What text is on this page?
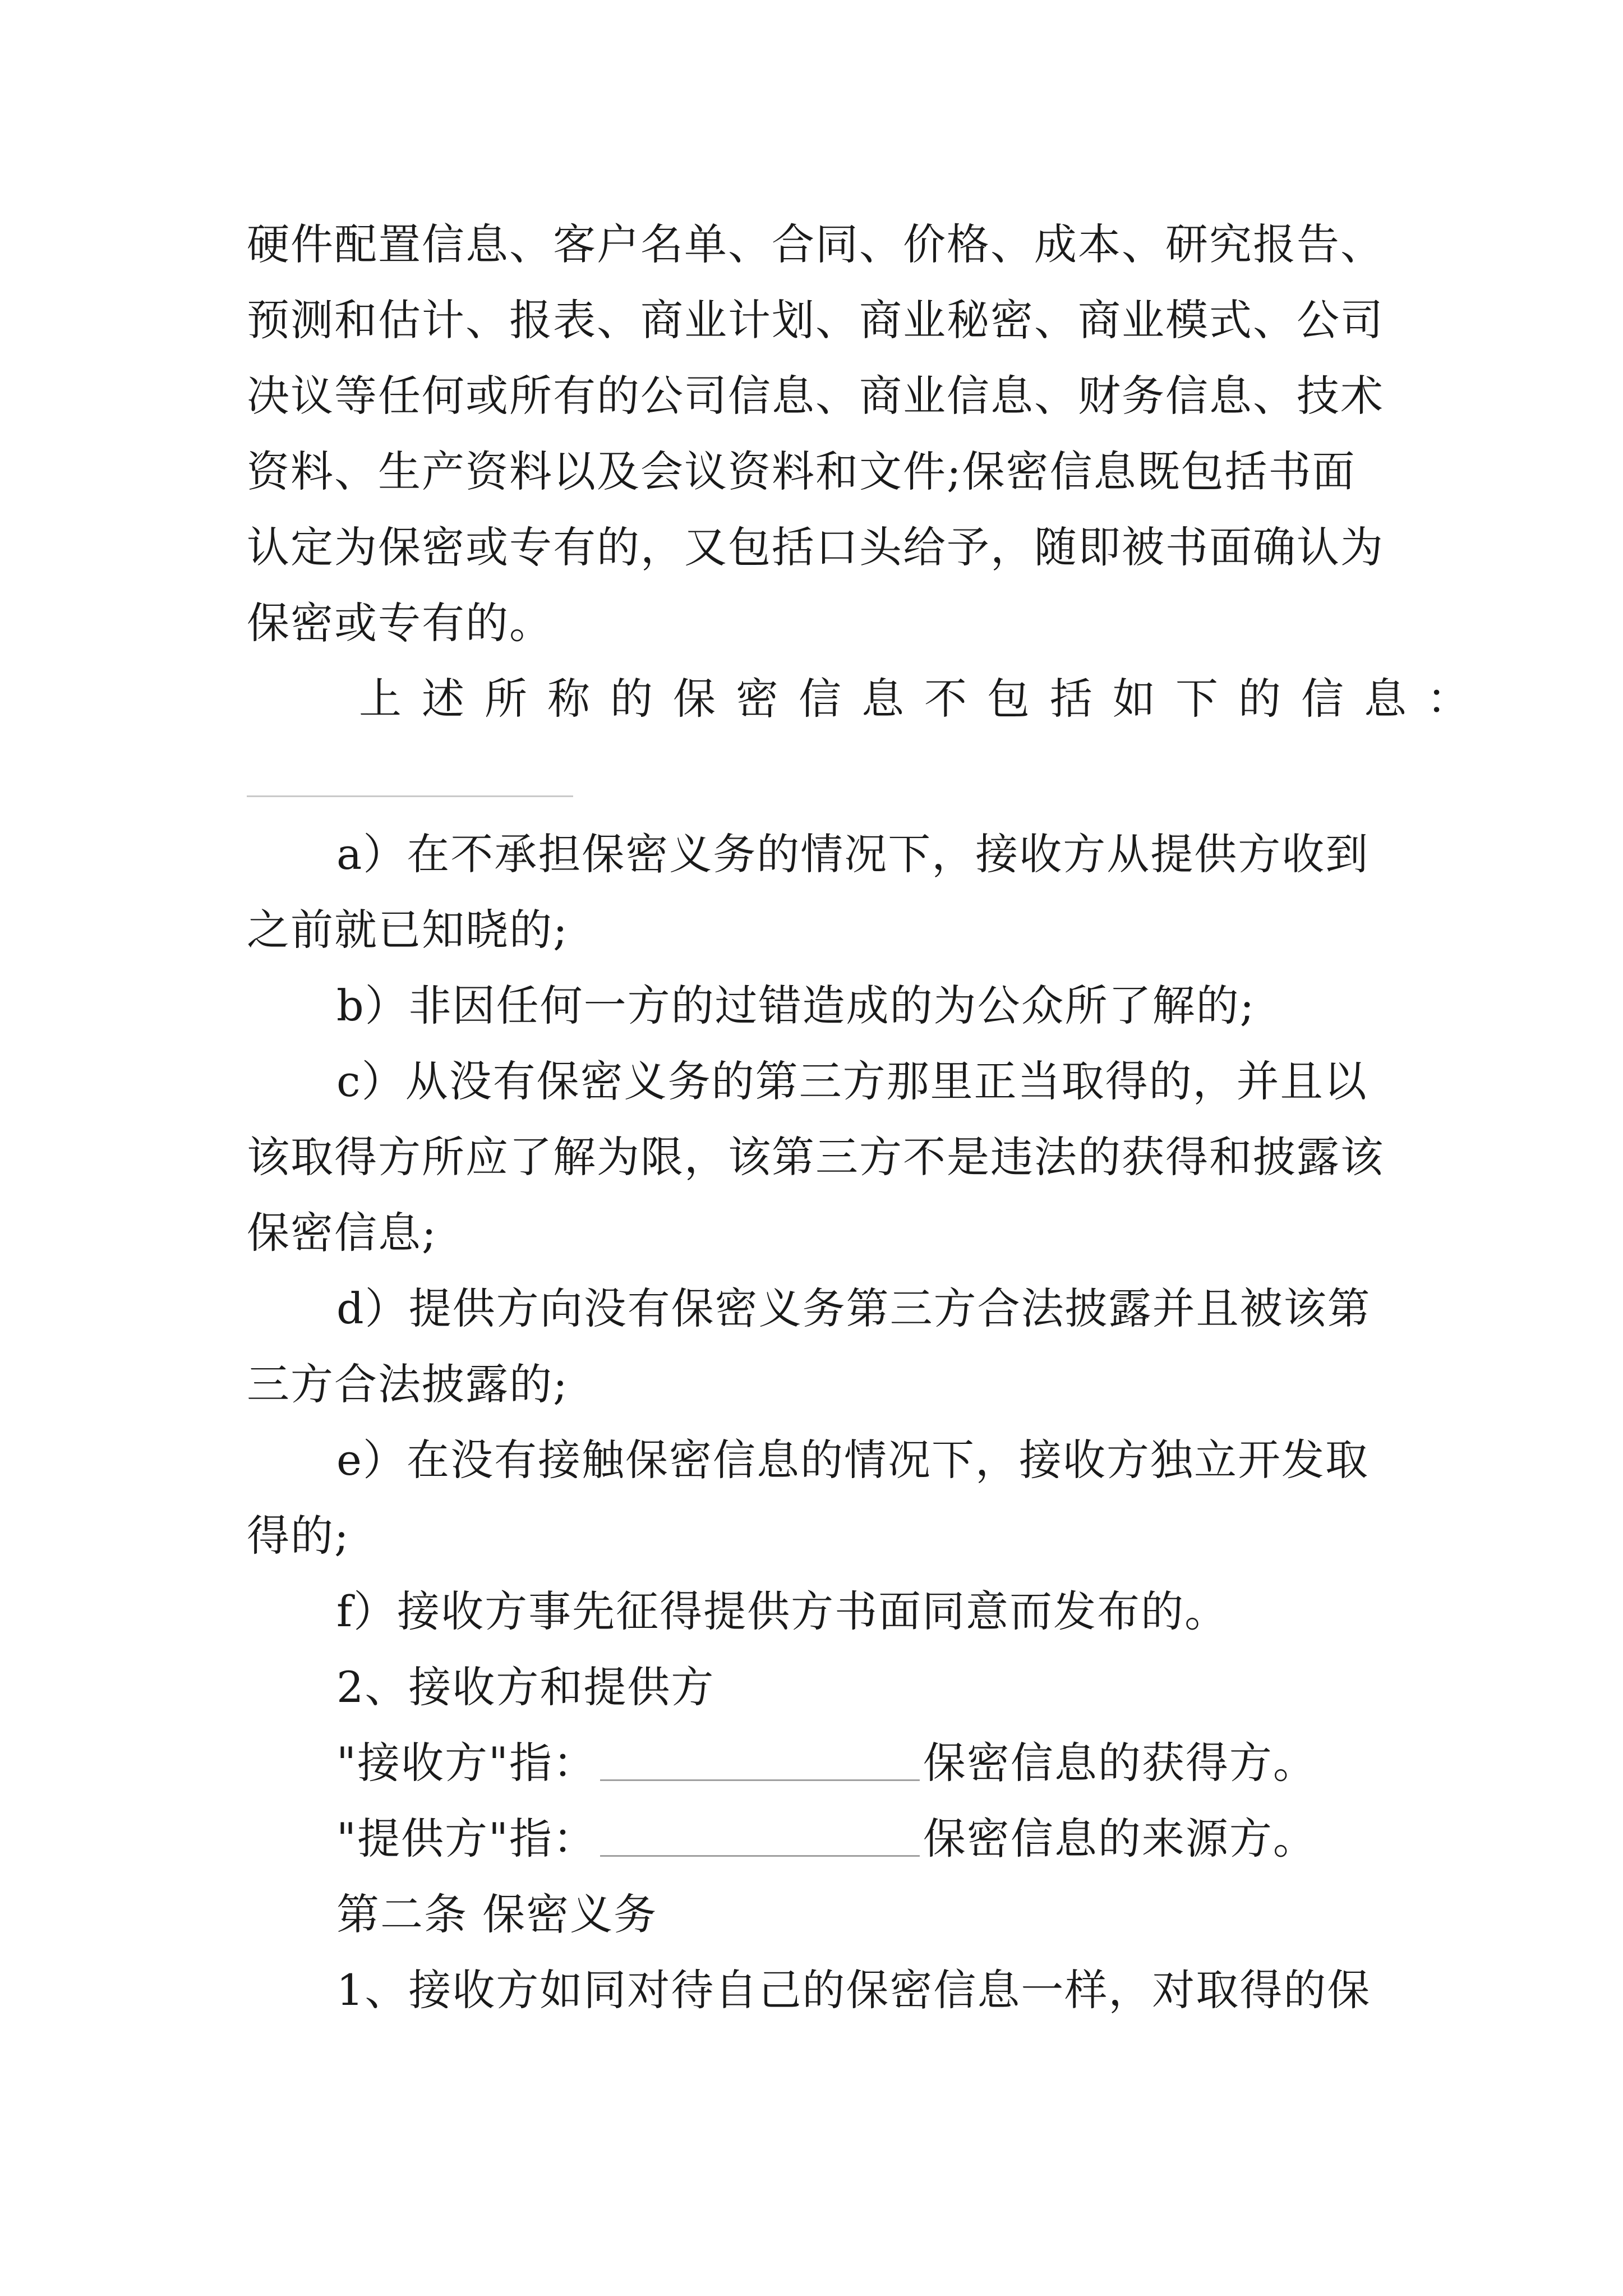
硬件配置信息、客户名单、合同、价格、成本、研究报告、

预测和估计、报表、商业计划、商业秘密、商业模式、公司

决议等任何或所有的公司信息、商业信息、财务信息、技术

资料、生产资料以及会议资料和文件;保密信息既包括书面

认定为保密或专有的，又包括口头给予，随即被书面确认为

保密或专有的。

上述所称的保密信息不包括如下的信息：

a）在不承担保密义务的情况下，接收方从提供方收到

之前就已知晓的;

b）非因任何一方的过错造成的为公众所了解的;

c）从没有保密义务的第三方那里正当取得的，并且以

该取得方所应了解为限，该第三方不是违法的获得和披露该

保密信息;

d）提供方向没有保密义务第三方合法披露并且被该第

三方合法披露的;

e）在没有接触保密信息的情况下，接收方独立开发取

得的;

f）接收方事先征得提供方书面同意而发布的。

2、接收方和提供方

"接收方"指：	保密信息的获得方。

"提供方"指：	保密信息的来源方。

第二条 保密义务

1、接收方如同对待自己的保密信息一样，对取得的保
